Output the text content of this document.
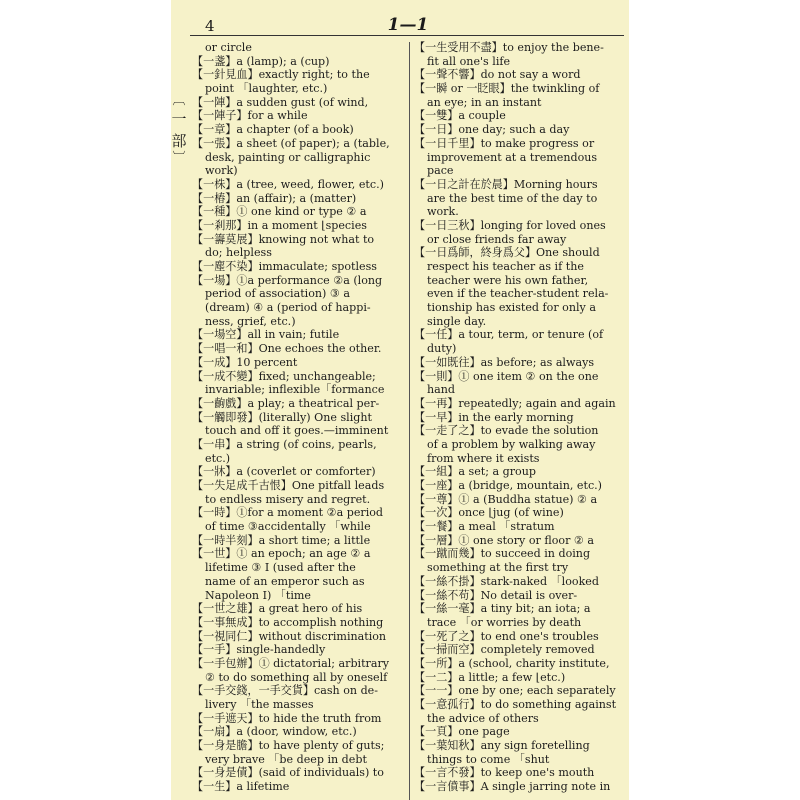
4	1—1
︹
一
部
︺
or circle
【一盞】a (lamp); a (cup)
【一針見血】exactly right; to the
point 「laughter, etc.)
【一陣】a sudden gust (of wind,
【一陣子】for a while
【一章】a chapter (of a book)
【一張】a sheet (of paper); a (table,
desk, painting or calligraphic
work)
【一株】a (tree, weed, flower, etc.)
【一椿】an (affair); a (matter)
【一種】① one kind or type ② a
【一剎那】in a moment ⌊species
【一籌莫展】knowing not what to
do; helpless
【一塵不染】immaculate; spotless
【一場】①a performance ②a (long
period of association) ③ a
(dream) ④ a (period of happi-
ness, grief, etc.)
【一場空】all in vain; futile
【一唱一和】One echoes the other.
【一成】10 percent
【一成不變】fixed; unchangeable;
invariable; inflexible「formance
【一齣戲】a play; a theatrical per-
【一觸即發】(literally) One slight
touch and off it goes.—imminent
【一串】a string (of coins, pearls,
etc.)
【一牀】a (coverlet or comforter)
【一失足成千古恨】One pitfall leads
to endless misery and regret.
【一時】①for a moment ②a period
of time ③accidentally 「while
【一時半刻】a short time; a little
【一世】① an epoch; an age ② a
lifetime ③ I (used after the
name of an emperor such as
Napoleon I) 「time
【一世之雄】a great hero of his
【一事無成】to accomplish nothing
【一視同仁】without discrimination
【一手】single-handedly
【一手包辦】① dictatorial; arbitrary
② to do something all by oneself
【一手交錢，一手交貨】cash on de-
livery 「the masses
【一手遮天】to hide the truth from
【一扇】a (door, window, etc.)
【一身是膽】to have plenty of guts;
very brave 「be deep in debt
【一身是債】(said of individuals) to
【一生】a lifetime
【一生受用不盡】to enjoy the bene-
fit all one's life
【一聲不響】do not say a word
【一瞬 or 一眨眼】the twinkling of
an eye; in an instant
【一雙】a couple
【一日】one day; such a day
【一日千里】to make progress or
improvement at a tremendous
pace
【一日之計在於晨】Morning hours
are the best time of the day to
work.
【一日三秋】longing for loved ones
or close friends far away
【一日爲師，終身爲父】One should
respect his teacher as if the
teacher were his own father,
even if the teacher-student rela-
tionship has existed for only a
single day.
【一任】a tour, term, or tenure (of
duty)
【一如既往】as before; as always
【一則】① one item ② on the one
hand
【一再】repeatedly; again and again
【一早】in the early morning
【一走了之】to evade the solution
of a problem by walking away
from where it exists
【一組】a set; a group
【一座】a (bridge, mountain, etc.)
【一尊】① a (Buddha statue) ② a
【一次】once ⌊jug (of wine)
【一餐】a meal 「stratum
【一層】① one story or floor ② a
【一蹴而幾】to succeed in doing
something at the first try
【一絲不掛】stark-naked 「looked
【一絲不苟】No detail is over-
【一絲一毫】a tiny bit; an iota; a
trace 「or worries by death
【一死了之】to end one's troubles
【一掃而空】completely removed
【一所】a (school, charity institute,
【一二】a little; a few ⌊etc.)
【一一】one by one; each separately
【一意孤行】to do something against
the advice of others
【一頁】one page
【一葉知秋】any sign foretelling
things to come 「shut
【一言不發】to keep one's mouth
【一言僨事】A single jarring note in
